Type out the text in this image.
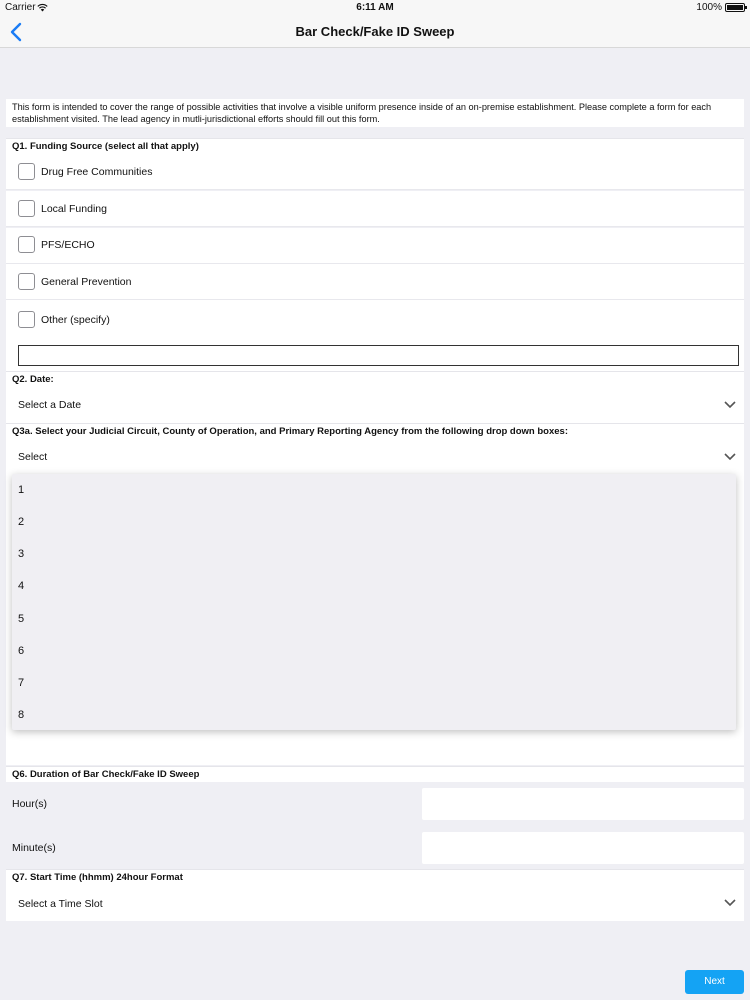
Carrier	6:11 AM	100%
Bar Check/Fake ID Sweep
This form is intended to cover the range of possible activities that involve a visible uniform presence inside of an on-premise establishment. Please complete a form for each establishment visited. The lead agency in mutli-jurisdictional efforts should fill out this form.
Q1. Funding Source (select all that apply)
Drug Free Communities
Local Funding
PFS/ECHO
General Prevention
Other (specify)
Q2. Date:
Select a Date
Q3a. Select your Judicial Circuit, County of Operation, and Primary Reporting Agency from the following drop down boxes:
Select
1
2
3
4
5
6
7
8
Q6. Duration of Bar Check/Fake ID Sweep
Hour(s)
Minute(s)
Q7. Start Time (hhmm) 24hour Format
Select a Time Slot
Next
